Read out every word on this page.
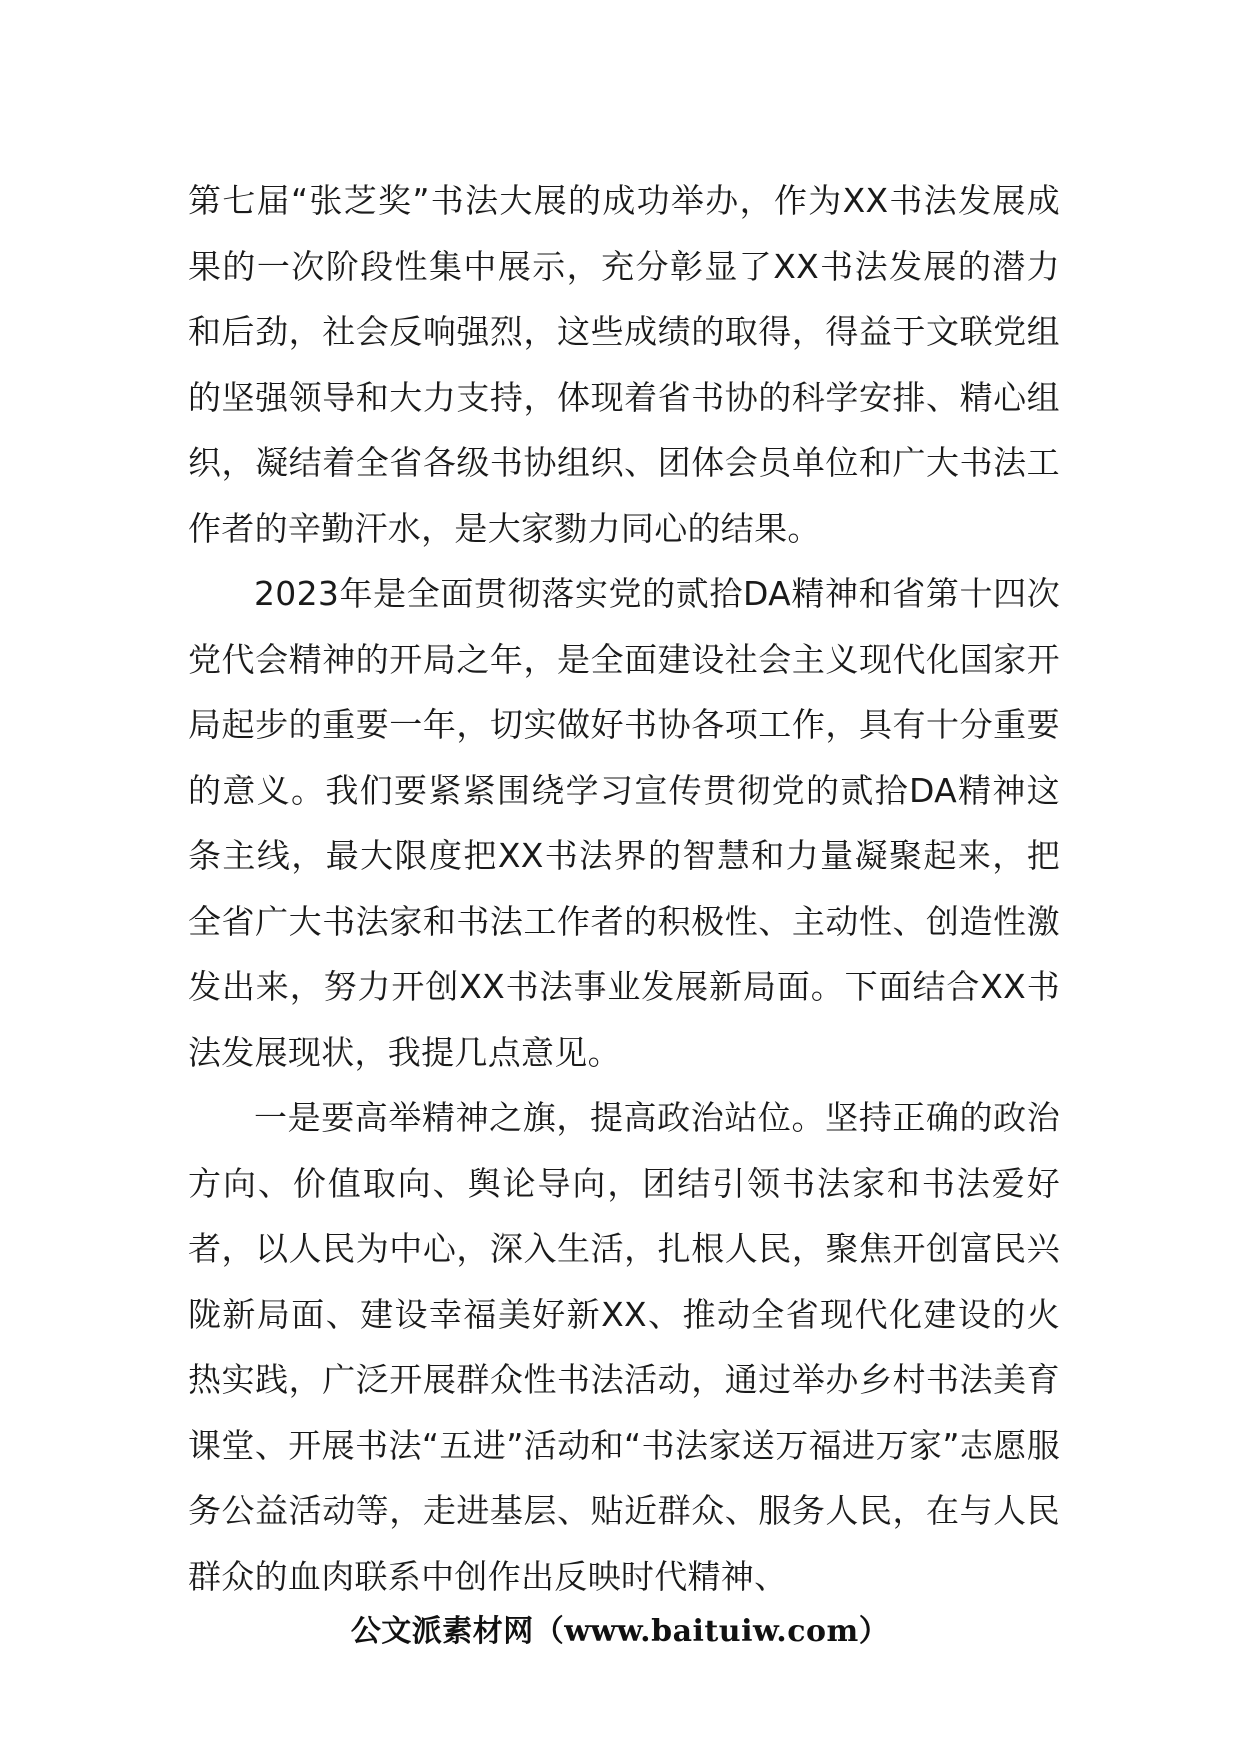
第七届“张芝奖”书法大展的成功举办，作为XX书法发展成果的一次阶段性集中展示，充分彰显了XX书法发展的潜力和后劲，社会反响强烈，这些成绩的取得，得益于文联党组的坚强领导和大力支持，体现着省书协的科学安排、精心组织，凝结着全省各级书协组织、团体会员单位和广大书法工作者的辛勤汗水，是大家勠力同心的结果。

2023年是全面贯彻落实党的贰拾DA精神和省第十四次党代会精神的开局之年，是全面建设社会主义现代化国家开局起步的重要一年，切实做好书协各项工作，具有十分重要的意义。我们要紧紧围绕学习宣传贯彻党的贰拾DA精神这条主线，最大限度把XX书法界的智慧和力量凝聚起来，把全省广大书法家和书法工作者的积极性、主动性、创造性激发出来，努力开创XX书法事业发展新局面。下面结合XX书法发展现状，我提几点意见。

一是要高举精神之旗，提高政治站位。坚持正确的政治方向、价值取向、舆论导向，团结引领书法家和书法爱好者，以人民为中心，深入生活，扎根人民，聚焦开创富民兴陇新局面、建设幸福美好新XX、推动全省现代化建设的火热实践，广泛开展群众性书法活动，通过举办乡村书法美育课堂、开展书法“五进”活动和“书法家送万福进万家”志愿服务公益活动等，走进基层、贴近群众、服务人民，在与人民群众的血肉联系中创作出反映时代精神、

公文派素材网（www.baituiw.com）
